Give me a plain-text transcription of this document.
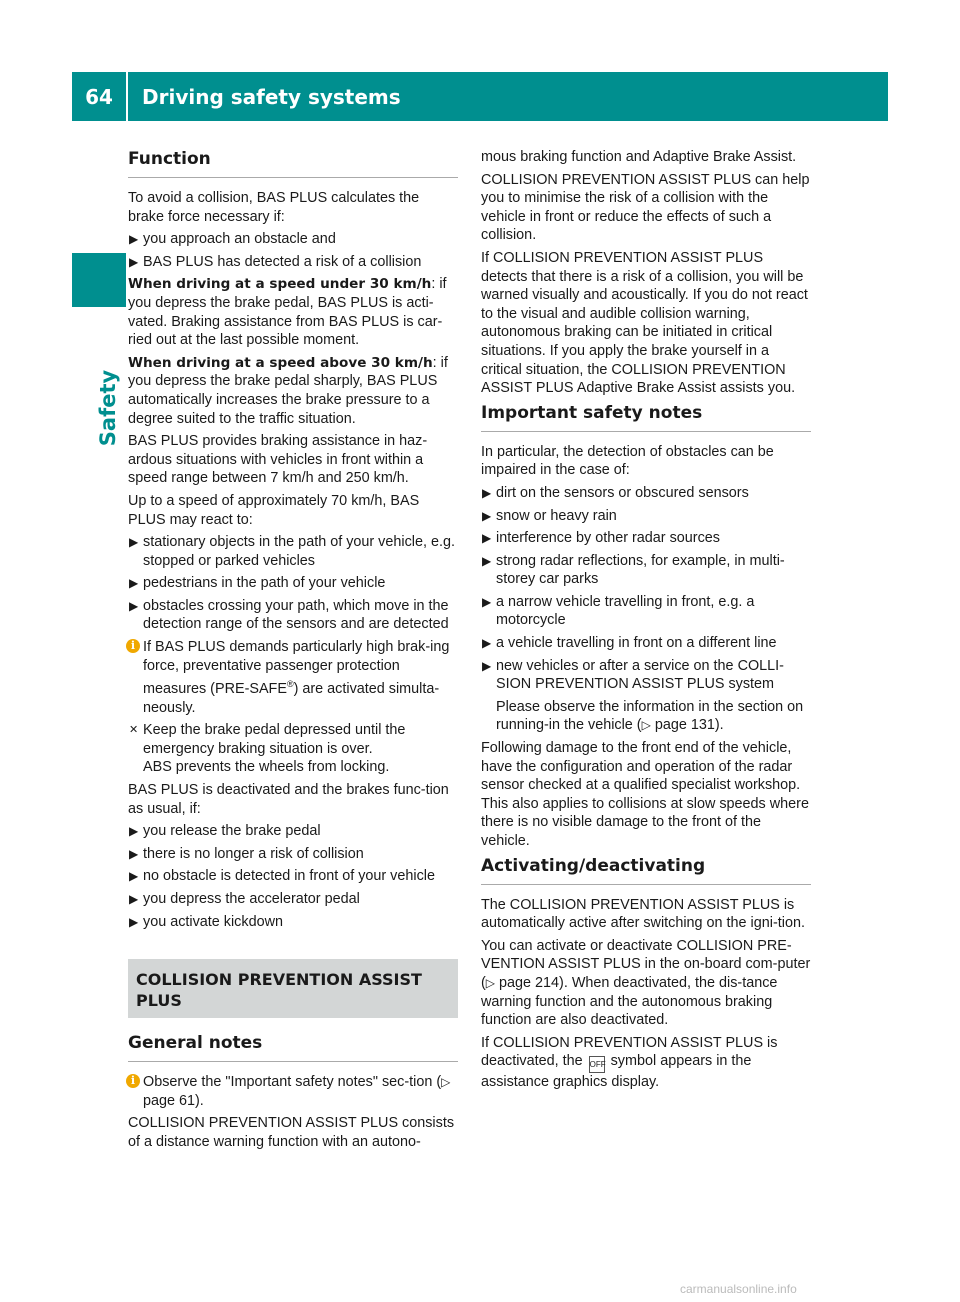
64	Driving safety systems
Safety
Function

To avoid a collision, BAS PLUS calculates the brake force necessary if:

▶ you approach an obstacle and
▶ BAS PLUS has detected a risk of a collision

When driving at a speed under 30 km/h: if you depress the brake pedal, BAS PLUS is acti-vated. Braking assistance from BAS PLUS is car-ried out at the last possible moment.

When driving at a speed above 30 km/h: if you depress the brake pedal sharply, BAS PLUS automatically increases the brake pressure to a degree suited to the traffic situation.

BAS PLUS provides braking assistance in haz-ardous situations with vehicles in front within a speed range between 7 km/h and 250 km/h.

Up to a speed of approximately 70 km/h, BAS PLUS may react to:

▶ stationary objects in the path of your vehicle, e.g. stopped or parked vehicles
▶ pedestrians in the path of your vehicle
▶ obstacles crossing your path, which move in the detection range of the sensors and are detected
i If BAS PLUS demands particularly high brak-ing force, preventative passenger protection measures (PRE-SAFE®) are activated simulta-neously.
✕ Keep the brake pedal depressed until the emergency braking situation is over.
ABS prevents the wheels from locking.

BAS PLUS is deactivated and the brakes func-tion as usual, if:

▶ you release the brake pedal
▶ there is no longer a risk of collision
▶ no obstacle is detected in front of your vehicle
▶ you depress the accelerator pedal
▶ you activate kickdown
COLLISION PREVENTION ASSIST PLUS
General notes
i Observe the "Important safety notes" sec-tion (▷ page 61).

COLLISION PREVENTION ASSIST PLUS consists of a distance warning function with an autono-

mous braking function and Adaptive Brake Assist.

COLLISION PREVENTION ASSIST PLUS can help you to minimise the risk of a collision with the vehicle in front or reduce the effects of such a collision.

If COLLISION PREVENTION ASSIST PLUS detects that there is a risk of a collision, you will be warned visually and acoustically. If you do not react to the visual and audible collision warning, autonomous braking can be initiated in critical situations. If you apply the brake yourself in a critical situation, the COLLISION PREVENTION ASSIST PLUS Adaptive Brake Assist assists you.

Important safety notes

In particular, the detection of obstacles can be impaired in the case of:

▶ dirt on the sensors or obscured sensors
▶ snow or heavy rain
▶ interference by other radar sources
▶ strong radar reflections, for example, in multi-storey car parks
▶ a narrow vehicle travelling in front, e.g. a motorcycle
▶ a vehicle travelling in front on a different line
▶ new vehicles or after a service on the COLLI-SION PREVENTION ASSIST PLUS system

Please observe the information in the section on running-in the vehicle (▷ page 131).

Following damage to the front end of the vehicle, have the configuration and operation of the radar sensor checked at a qualified specialist workshop. This also applies to collisions at slow speeds where there is no visible damage to the front of the vehicle.

Activating/deactivating

The COLLISION PREVENTION ASSIST PLUS is automatically active after switching on the igni-tion.

You can activate or deactivate COLLISION PRE-VENTION ASSIST PLUS in the on-board com-puter (▷ page 214). When deactivated, the dis-tance warning function and the autonomous braking function are also deactivated.

If COLLISION PREVENTION ASSIST PLUS is deactivated, the OFF symbol appears in the assistance graphics display.

carmanualsonline.info
